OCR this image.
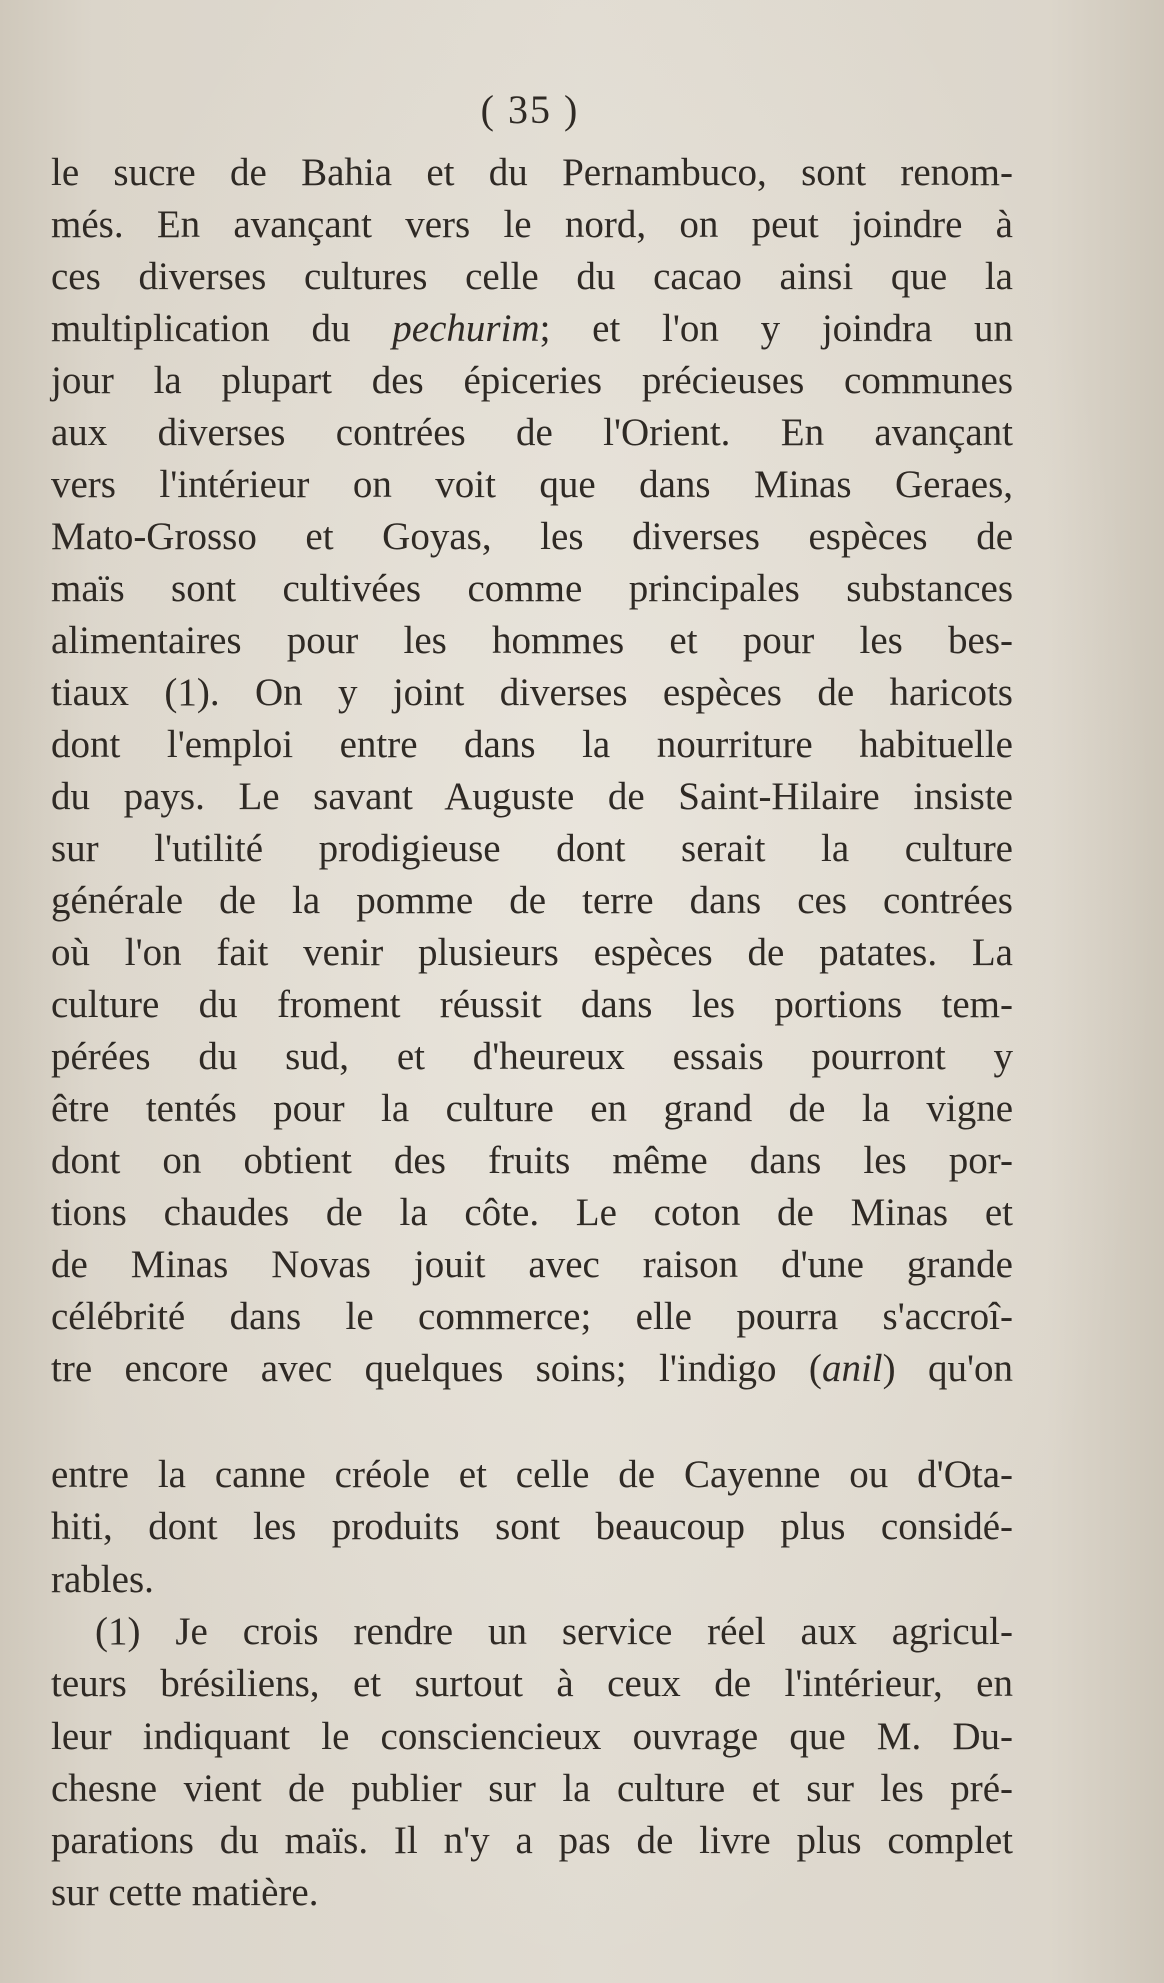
( 35 )
le sucre de Bahia et du Pernambuco, sont renom-
més. En avançant vers le nord, on peut joindre à
ces diverses cultures celle du cacao ainsi que la
multiplication du pechurim; et l'on y joindra un
jour la plupart des épiceries précieuses communes
aux diverses contrées de l'Orient. En avançant
vers l'intérieur on voit que dans Minas Geraes,
Mato-Grosso et Goyas, les diverses espèces de
maïs sont cultivées comme principales substances
alimentaires pour les hommes et pour les bes-
tiaux (1). On y joint diverses espèces de haricots
dont l'emploi entre dans la nourriture habituelle
du pays. Le savant Auguste de Saint-Hilaire insiste
sur l'utilité prodigieuse dont serait la culture
générale de la pomme de terre dans ces contrées
où l'on fait venir plusieurs espèces de patates. La
culture du froment réussit dans les portions tem-
pérées du sud, et d'heureux essais pourront y
être tentés pour la culture en grand de la vigne
dont on obtient des fruits même dans les por-
tions chaudes de la côte. Le coton de Minas et
de Minas Novas jouit avec raison d'une grande
célébrité dans le commerce; elle pourra s'accroî-
tre encore avec quelques soins; l'indigo (anil) qu'on
entre la canne créole et celle de Cayenne ou d'Ota-
hiti, dont les produits sont beaucoup plus considé-
rables.
(1) Je crois rendre un service réel aux agricul-
teurs brésiliens, et surtout à ceux de l'intérieur, en
leur indiquant le consciencieux ouvrage que M. Du-
chesne vient de publier sur la culture et sur les pré-
parations du maïs. Il n'y a pas de livre plus complet
sur cette matière.
